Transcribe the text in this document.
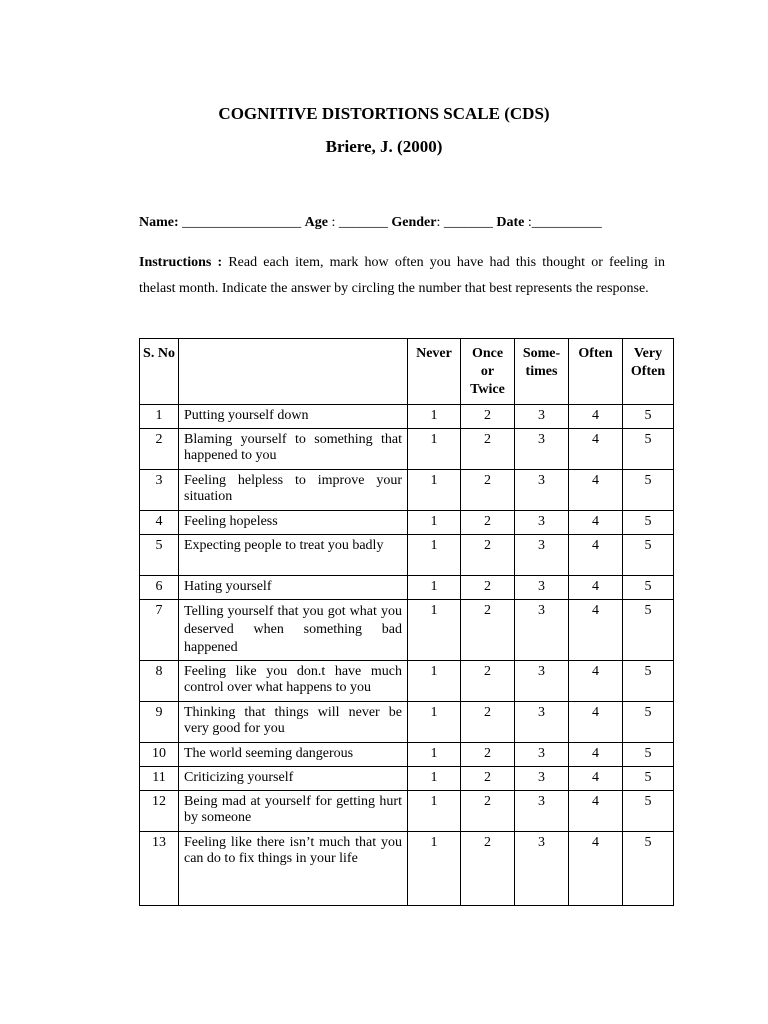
COGNITIVE DISTORTIONS SCALE (CDS)
Briere, J. (2000)
Name: _________________ Age : _______ Gender: _______ Date :__________
Instructions : Read each item, mark how often you have had this thought or feeling in thelast month. Indicate the answer by circling the number that best represents the response.
S. No		Never	Once or Twice	Some-times	Often	Very Often
1	Putting yourself down	1	2	3	4	5
2	Blaming yourself to something that happened to you	1	2	3	4	5
3	Feeling helpless to improve your situation	1	2	3	4	5
4	Feeling hopeless	1	2	3	4	5
5	Expecting people to treat you badly	1	2	3	4	5
6	Hating yourself	1	2	3	4	5
7	Telling yourself that you got what you deserved when something bad happened	1	2	3	4	5
8	Feeling like you don.t have much control over what happens to you	1	2	3	4	5
9	Thinking that things will never be very good for you	1	2	3	4	5
10	The world seeming dangerous	1	2	3	4	5
11	Criticizing yourself	1	2	3	4	5
12	Being mad at yourself for getting hurt by someone	1	2	3	4	5
13	Feeling like there isn’t much that you can do to fix things in your life	1	2	3	4	5
